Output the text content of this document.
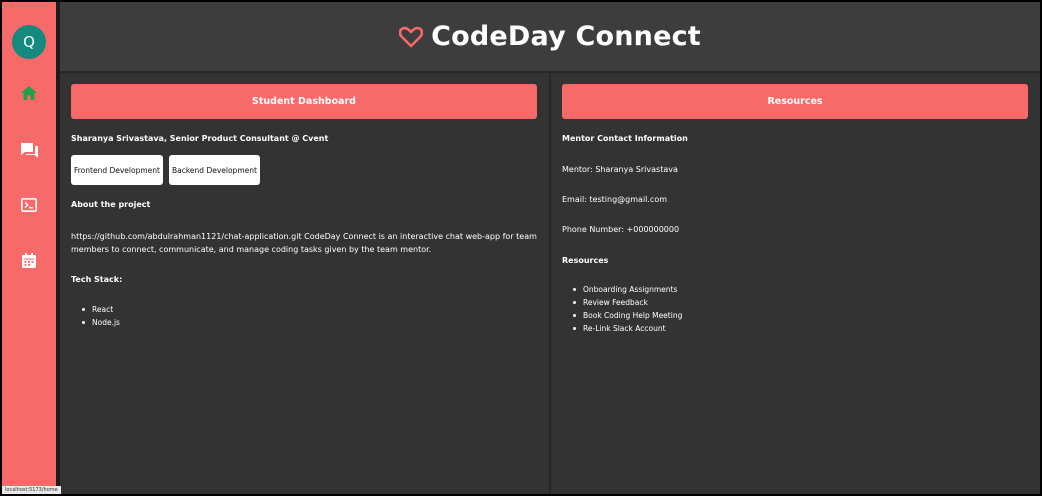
Q
localhost:5173/home
CodeDay Connect
Student Dashboard
Sharanya Srivastava, Senior Product Consultant @ Cvent
Frontend Development	Backend Development
About the project
https://github.com/abdulrahman1121/chat-application.git CodeDay Connect is an interactive chat web-app for team
members to connect, communicate, and manage coding tasks given by the team mentor.
Tech Stack:
React
Node.js
Resources
Mentor Contact Information
Mentor: Sharanya Srivastava
Email: testing@gmail.com
Phone Number: +000000000
Resources
Onboarding Assignments
Review Feedback
Book Coding Help Meeting
Re-Link Slack Account
